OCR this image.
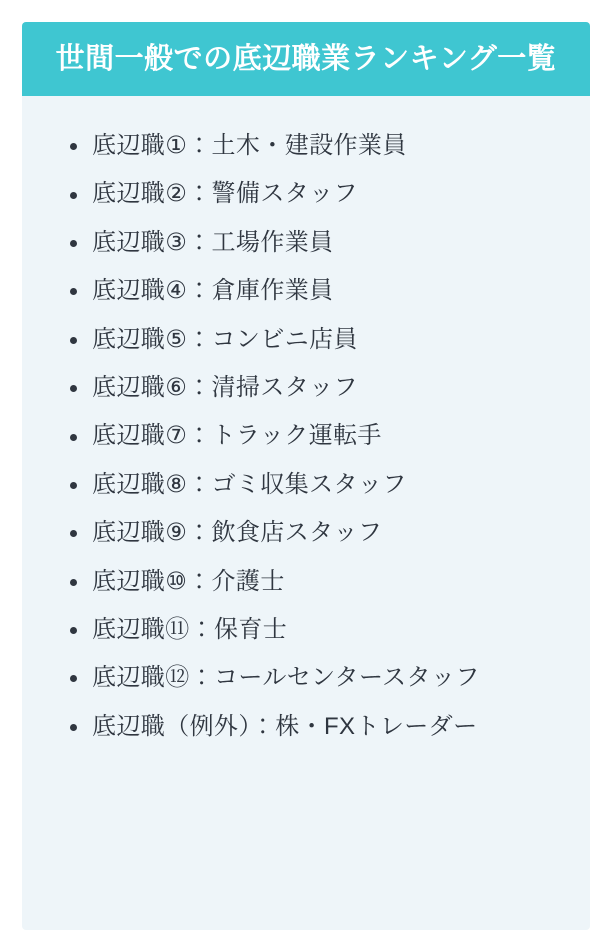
世間一般での底辺職業ランキング一覧
底辺職①：土木・建設作業員
底辺職②：警備スタッフ
底辺職③：工場作業員
底辺職④：倉庫作業員
底辺職⑤：コンビニ店員
底辺職⑥：清掃スタッフ
底辺職⑦：トラック運転手
底辺職⑧：ゴミ収集スタッフ
底辺職⑨：飲食店スタッフ
底辺職⑩：介護士
底辺職⑪：保育士
底辺職⑫：コールセンタースタッフ
底辺職（例外）：株・FXトレーダー
